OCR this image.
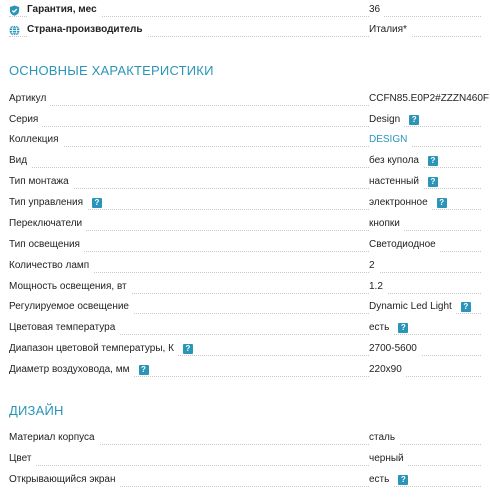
Гарантия, мес	36
Страна-производитель	Италия*
ОСНОВНЫЕ ХАРАКТЕРИСТИКИ
Артикул	CCFN85.E0P2#ZZZN460F
Серия	Design	?
Коллекция	DESIGN
Вид	без купола	?
Тип монтажа	настенный	?
Тип управления	?	электронное	?
Переключатели	кнопки
Тип освещения	Светодиодное
Количество ламп	2
Мощность освещения, вт	1.2
Регулируемое освещение	Dynamic Led Light	?
Цветовая температура	есть	?
Диапазон цветовой температуры, К	?	2700-5600
Диаметр воздуховода, мм	?	220x90
ДИЗАЙН
Материал корпуса	сталь
Цвет	черный
Открывающийся экран	есть	?
